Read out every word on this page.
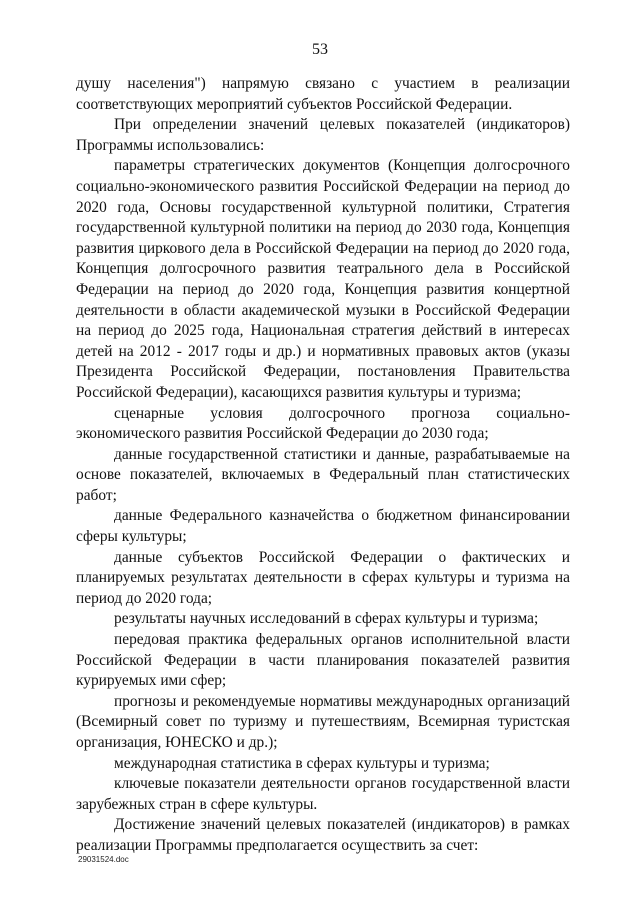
53

душу населения") напрямую связано с участием в реализации соответствующих мероприятий субъектов Российской Федерации.

При определении значений целевых показателей (индикаторов) Программы использовались:

параметры стратегических документов (Концепция долгосрочного социально-экономического развития Российской Федерации на период до 2020 года, Основы государственной культурной политики, Стратегия государственной культурной политики на период до 2030 года, Концепция развития циркового дела в Российской Федерации на период до 2020 года, Концепция долгосрочного развития театрального дела в Российской Федерации на период до 2020 года, Концепция развития концертной деятельности в области академической музыки в Российской Федерации на период до 2025 года, Национальная стратегия действий в интересах детей на 2012 - 2017 годы и др.) и нормативных правовых актов (указы Президента Российской Федерации, постановления Правительства Российской Федерации), касающихся развития культуры и туризма;

сценарные условия долгосрочного прогноза социально-экономического развития Российской Федерации до 2030 года;

данные государственной статистики и данные, разрабатываемые на основе показателей, включаемых в Федеральный план статистических работ;

данные Федерального казначейства о бюджетном финансировании сферы культуры;

данные субъектов Российской Федерации о фактических и планируемых результатах деятельности в сферах культуры и туризма на период до 2020 года;

результаты научных исследований в сферах культуры и туризма;

передовая практика федеральных органов исполнительной власти Российской Федерации в части планирования показателей развития курируемых ими сфер;

прогнозы и рекомендуемые нормативы международных организаций (Всемирный совет по туризму и путешествиям, Всемирная туристская организация, ЮНЕСКО и др.);

международная статистика в сферах культуры и туризма;

ключевые показатели деятельности органов государственной власти зарубежных стран в сфере культуры.

Достижение значений целевых показателей (индикаторов) в рамках реализации Программы предполагается осуществить за счет:

29031524.doc
